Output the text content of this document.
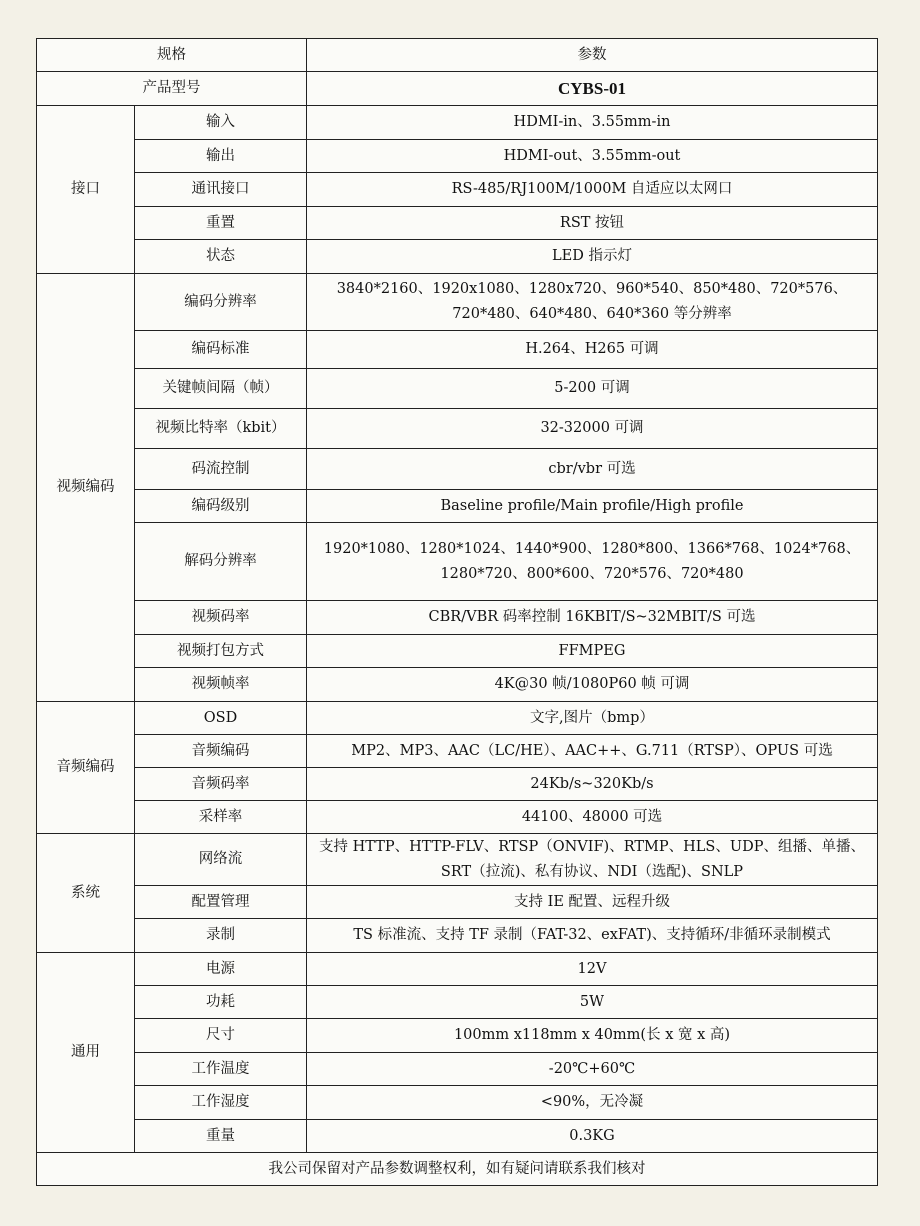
规格		参数
产品型号		CYBS-01
接口	输入	HDMI-in、3.55mm-in
	输出	HDMI-out、3.55mm-out
	通讯接口	RS-485/RJ100M/1000M 自适应以太网口
	重置	RST 按钮
	状态	LED 指示灯
视频编码	编码分辨率	3840*2160、1920x1080、1280x720、960*540、850*480、720*576、720*480、640*480、640*360 等分辨率
	编码标准	H.264、H265 可调
	关键帧间隔（帧）	5-200 可调
	视频比特率（kbit）	32-32000 可调
	码流控制	cbr/vbr 可选
	编码级别	Baseline profile/Main profile/High profile
	解码分辨率	1920*1080、1280*1024、1440*900、1280*800、1366*768、1024*768、1280*720、800*600、720*576、720*480
	视频码率	CBR/VBR 码率控制 16KBIT/S~32MBIT/S 可选
	视频打包方式	FFMPEG
	视频帧率	4K@30 帧/1080P60 帧 可调
音频编码	OSD	文字,图片（bmp）
	音频编码	MP2、MP3、AAC（LC/HE）、AAC++、G.711（RTSP）、OPUS 可选
	音频码率	24Kb/s~320Kb/s
	采样率	44100、48000 可选
系统	网络流	支持 HTTP、HTTP-FLV、RTSP（ONVIF)、RTMP、HLS、UDP、组播、单播、SRT（拉流)、私有协议、NDI（选配)、SNLP
	配置管理	支持 IE 配置、远程升级
	录制	TS 标准流、支持 TF 录制（FAT-32、exFAT)、支持循环/非循环录制模式
通用	电源	12V
	功耗	5W
	尺寸	100mm x118mm x 40mm(长 x 宽 x 高)
	工作温度	-20℃+60℃
	工作湿度	<90%，无冷凝
	重量	0.3KG
我公司保留对产品参数调整权利，如有疑问请联系我们核对		
